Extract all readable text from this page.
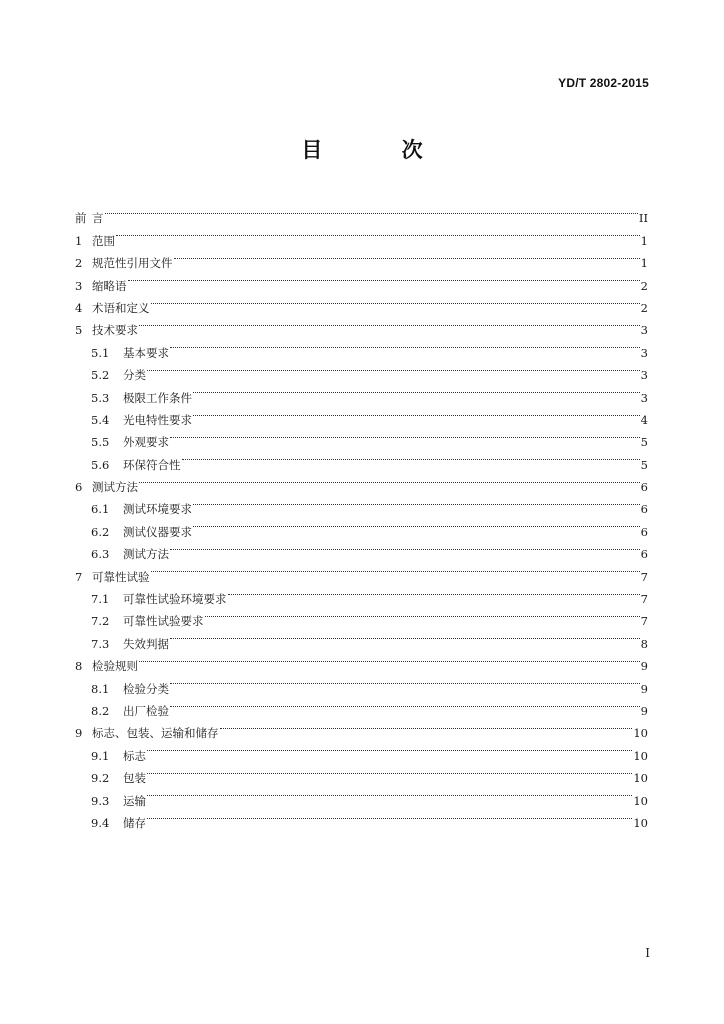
YD/T 2802-2015
目 次
前 言	II
1 范围	1
2 规范性引用文件	1
3 缩略语	2
4 术语和定义	2
5 技术要求	3
5.1	基本要求	3
5.2	分类	3
5.3	极限工作条件	3
5.4	光电特性要求	4
5.5	外观要求	5
5.6	环保符合性	5
6 测试方法	6
6.1	测试环境要求	6
6.2	测试仪器要求	6
6.3	测试方法	6
7 可靠性试验	7
7.1	可靠性试验环境要求	7
7.2	可靠性试验要求	7
7.3	失效判据	8
8 检验规则	9
8.1	检验分类	9
8.2	出厂检验	9
9 标志、包装、运输和储存	10
9.1	标志	10
9.2	包装	10
9.3	运输	10
9.4	储存	10
I
